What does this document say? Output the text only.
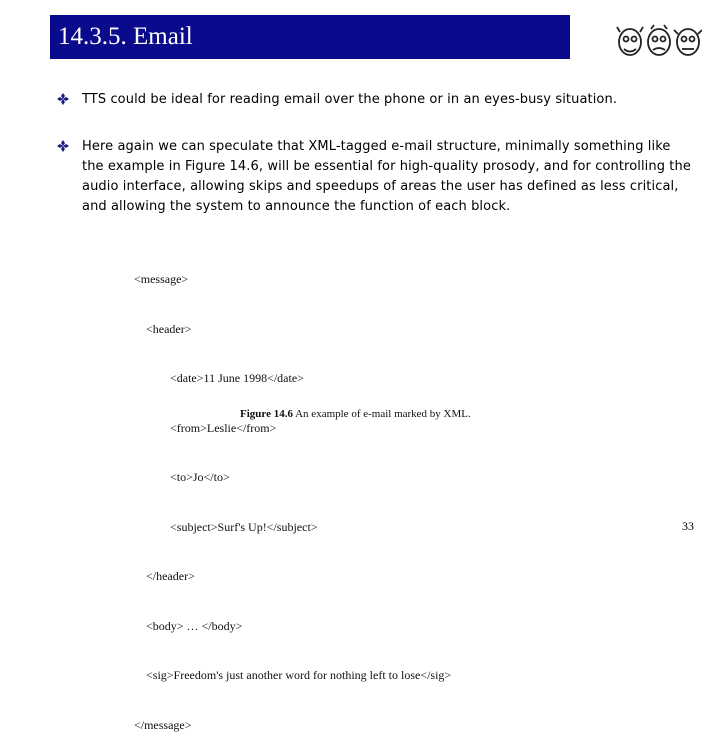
14.3.5. Email
TTS could be ideal for reading email over the phone or in an eyes-busy situation.
Here again we can speculate that XML-tagged e-mail structure, minimally something like the example in Figure 14.6, will be essential for high-quality prosody, and for controlling the audio interface, allowing skips and speedups of areas the user has defined as less critical, and allowing the system to announce the function of each block.

<message>

<header>

<date>11 June 1998</date>

<from>Leslie</from>

<to>Jo</to>

<subject>Surf's Up!</subject>

</header>

<body> … </body>

<sig>Freedom's just another word for nothing left to lose</sig>

</message>

Figure 14.6 An example of e-mail marked by XML.
33
